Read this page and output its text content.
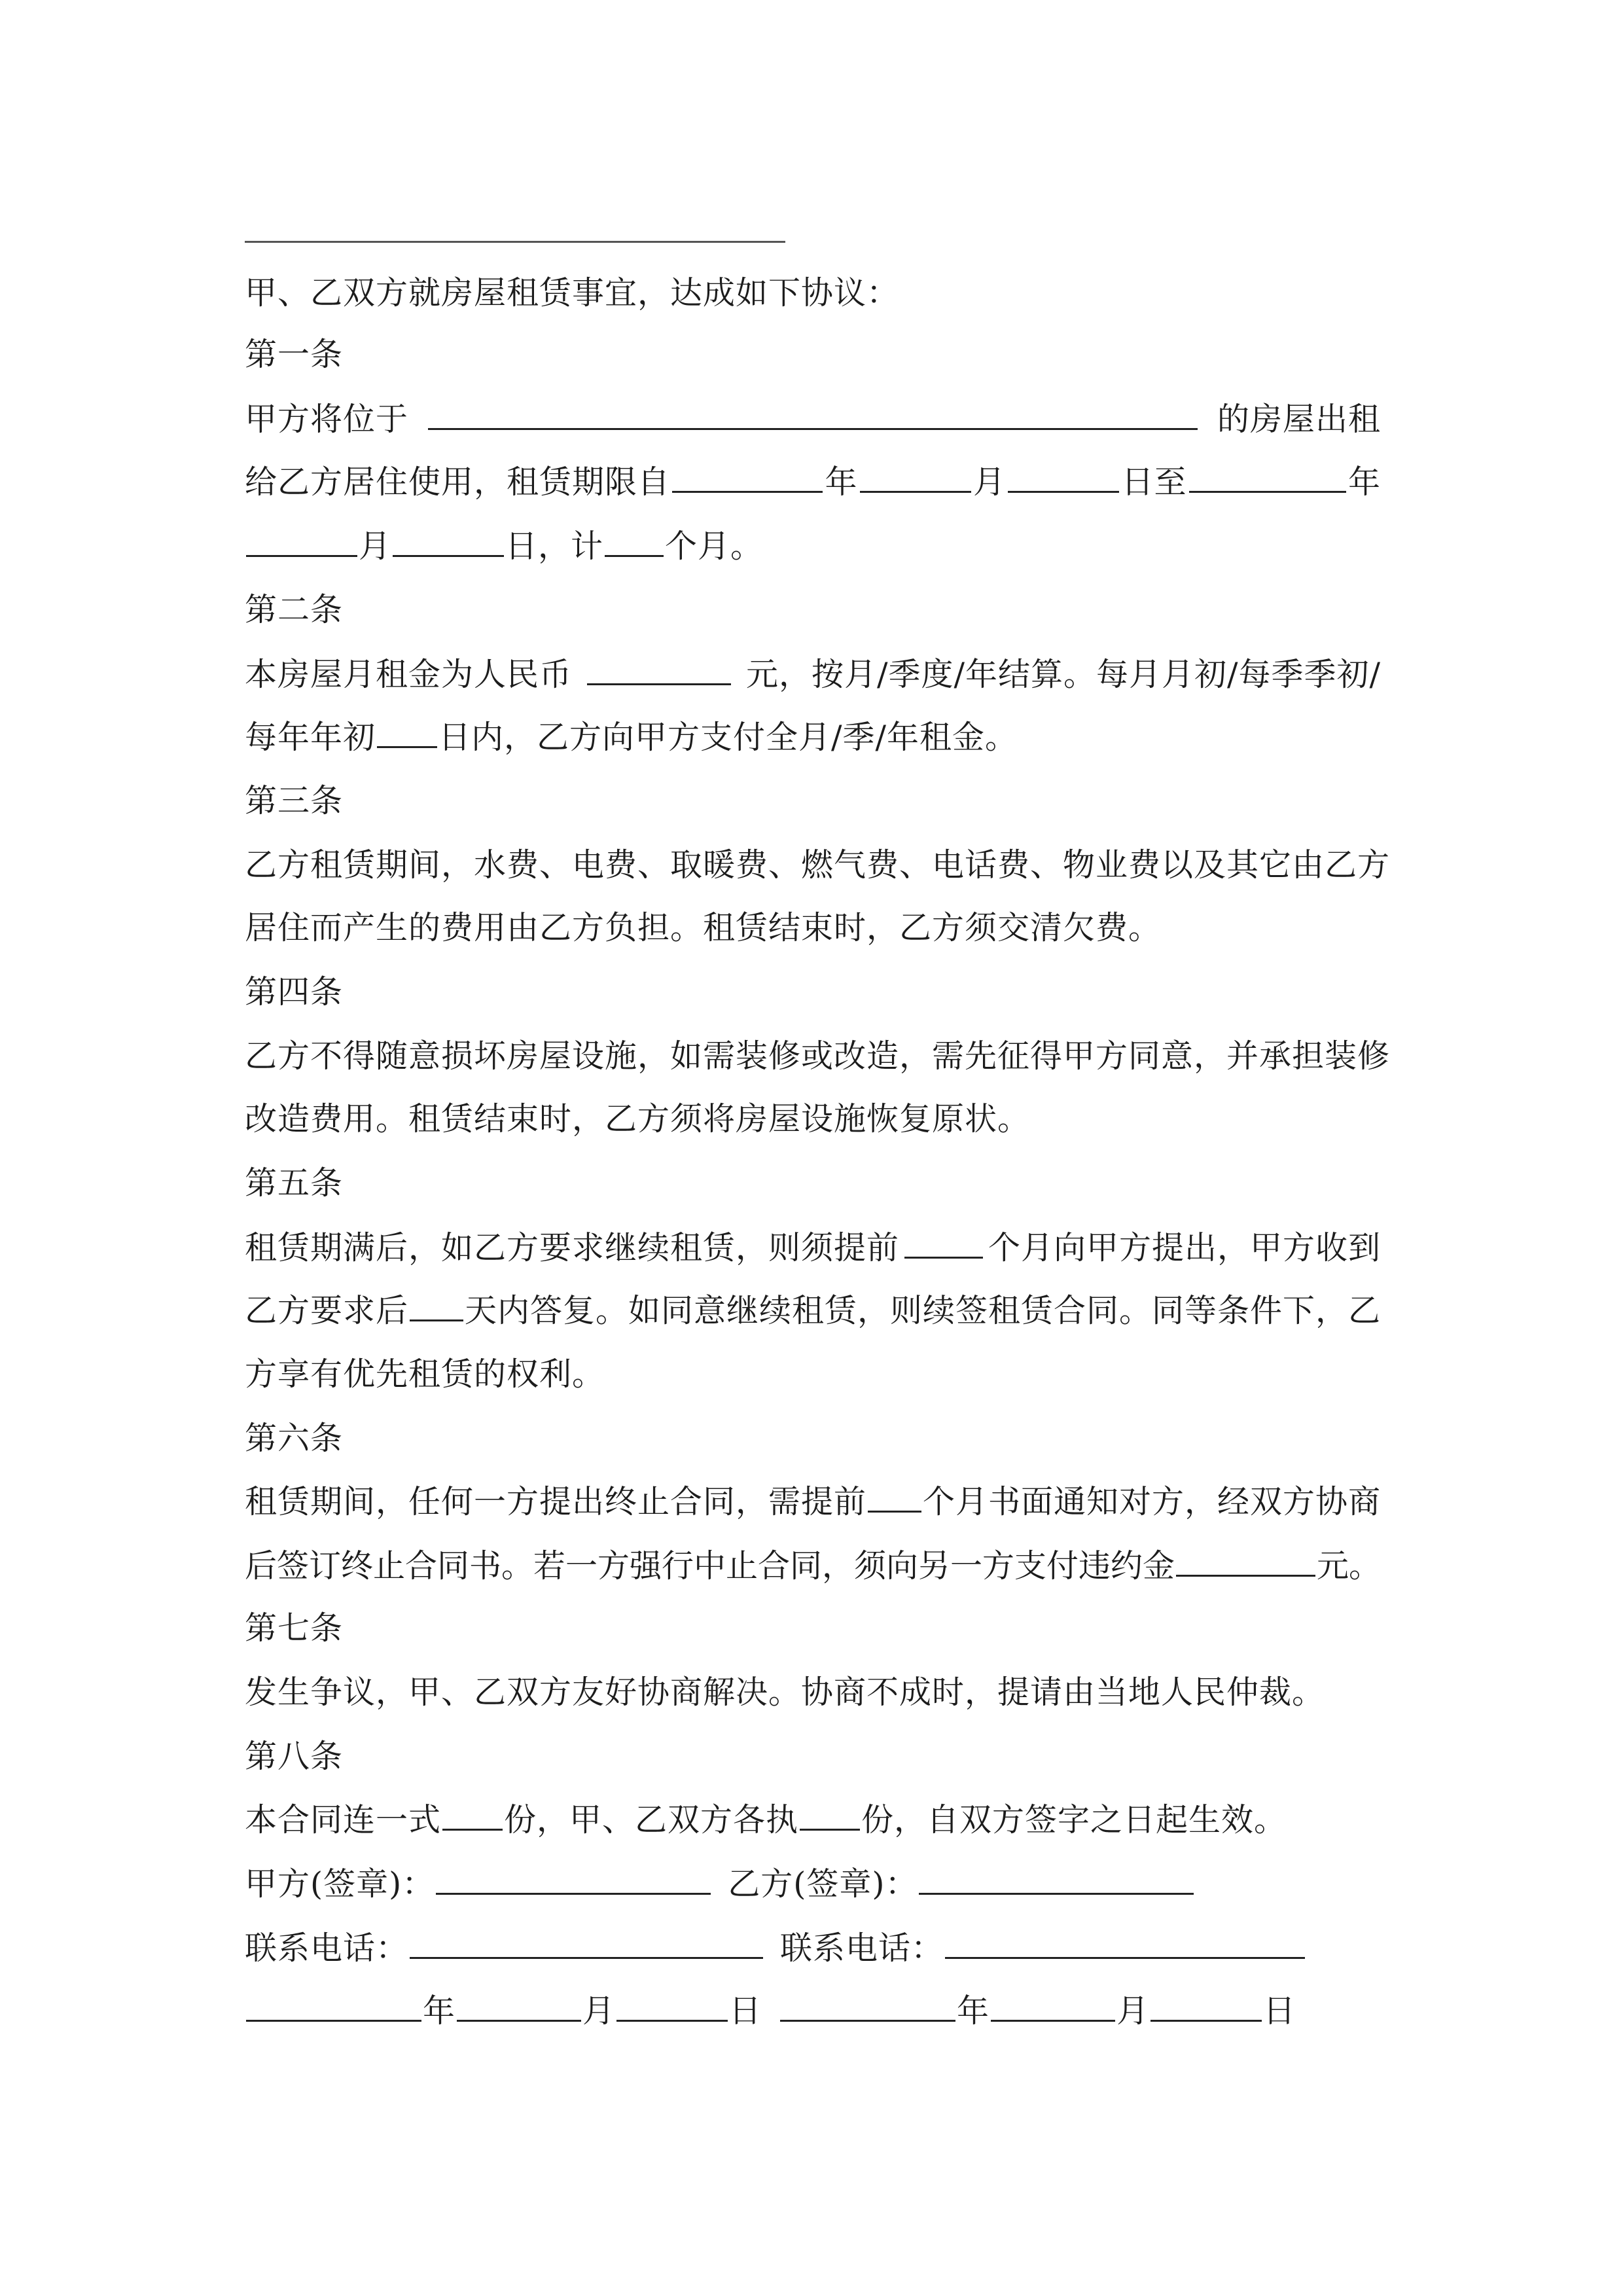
甲、乙双方就房屋租赁事宜，达成如下协议：
第一条
甲方将位于	的房屋出租
给乙方居住使用，租赁期限自	年	月	日至	年
月	日，计 个月。
第二条
本房屋月租金为人民币	元，按月/季度/年结算。每月月初/每季季初/
每年年初 日内，乙方向甲方支付全月/季/年租金。
第三条
乙方租赁期间，水费、电费、取暖费、燃气费、电话费、物业费以及其它由乙方
居住而产生的费用由乙方负担。租赁结束时，乙方须交清欠费。
第四条
乙方不得随意损坏房屋设施，如需装修或改造，需先征得甲方同意，并承担装修
改造费用。租赁结束时，乙方须将房屋设施恢复原状。
第五条
租赁期满后，如乙方要求继续租赁，则须提前	个月向甲方提出，甲方收到
乙方要求后 天内答复。如同意继续租赁，则续签租赁合同。同等条件下，乙
方享有优先租赁的权利。
第六条
租赁期间，任何一方提出终止合同，需提前 个月书面通知对方，经双方协商
后签订终止合同书。若一方强行中止合同，须向另一方支付违约金	元。
第七条
发生争议，甲、乙双方友好协商解决。协商不成时，提请由当地人民仲裁。
第八条
本合同连一式 份，甲、乙双方各执 份，自双方签字之日起生效。
甲方(签章)：	乙方(签章)：
联系电话：	联系电话：
年	月	日	年	月	日
